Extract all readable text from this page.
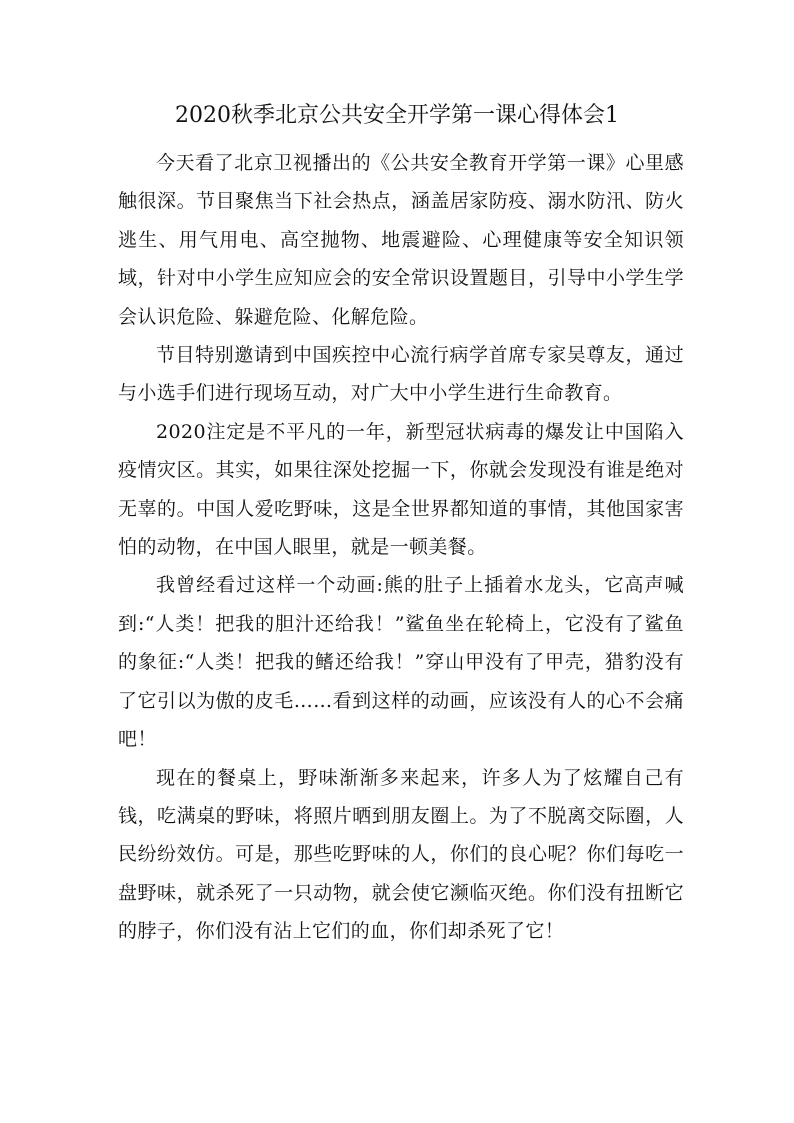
2020秋季北京公共安全开学第一课心得体会1

今天看了北京卫视播出的《公共安全教育开学第一课》心里感触很深。节目聚焦当下社会热点，涵盖居家防疫、溺水防汛、防火逃生、用气用电、高空抛物、地震避险、心理健康等安全知识领域，针对中小学生应知应会的安全常识设置题目，引导中小学生学会认识危险、躲避危险、化解危险。

节目特别邀请到中国疾控中心流行病学首席专家吴尊友，通过与小选手们进行现场互动，对广大中小学生进行生命教育。

2020注定是不平凡的一年，新型冠状病毒的爆发让中国陷入疫情灾区。其实，如果往深处挖掘一下，你就会发现没有谁是绝对无辜的。中国人爱吃野味，这是全世界都知道的事情，其他国家害怕的动物，在中国人眼里，就是一顿美餐。

我曾经看过这样一个动画:熊的肚子上插着水龙头，它高声喊到:“人类！把我的胆汁还给我！”鲨鱼坐在轮椅上，它没有了鲨鱼的象征:“人类！把我的鳍还给我！”穿山甲没有了甲壳，猎豹没有了它引以为傲的皮毛……看到这样的动画，应该没有人的心不会痛吧！

现在的餐桌上，野味渐渐多来起来，许多人为了炫耀自己有钱，吃满桌的野味，将照片晒到朋友圈上。为了不脱离交际圈，人民纷纷效仿。可是，那些吃野味的人，你们的良心呢？你们每吃一盘野味，就杀死了一只动物，就会使它濒临灭绝。你们没有扭断它的脖子，你们没有沾上它们的血，你们却杀死了它！
